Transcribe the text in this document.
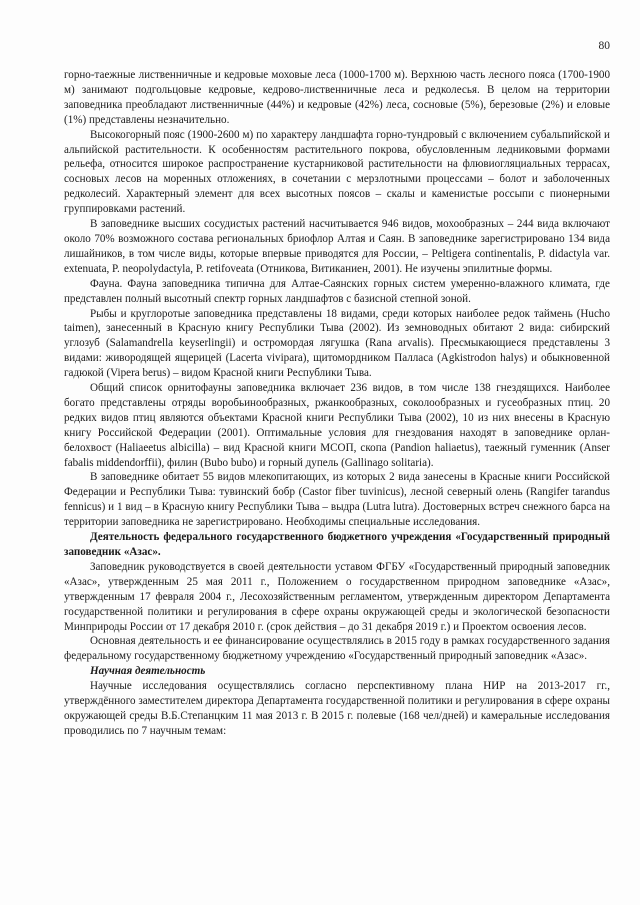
80

горно-таежные лиственничные и кедровые моховые леса (1000-1700 м). Верхнюю часть лесного пояса (1700-1900 м) занимают подгольцовые кедровые, кедрово-лиственничные леса и редколесья. В целом на территории заповедника преобладают лиственничные (44%) и кедровые (42%) леса, сосновые (5%), березовые (2%) и еловые (1%) представлены незначительно.

Высокогорный пояс (1900-2600 м) по характеру ландшафта горно-тундровый с включением субальпийской и альпийской растительности. К особенностям растительного покрова, обусловленным ледниковыми формами рельефа, относится широкое распространение кустарниковой растительности на флювиогляциальных террасах, сосновых лесов на моренных отложениях, в сочетании с мерзлотными процессами – болот и заболоченных редколесий. Характерный элемент для всех высотных поясов – скалы и каменистые россыпи с пионерными группировками растений.

В заповеднике высших сосудистых растений насчитывается 946 видов, мохообразных – 244 вида включают около 70% возможного состава региональных бриофлор Алтая и Саян. В заповеднике зарегистрировано 134 вида лишайников, в том числе виды, которые впервые приводятся для России, – Peltigera continentalis, P. didactyla var. extenuata, P. neopolydactyla, P. retifoveata (Отникова, Витиканиен, 2001). Не изучены эпилитные формы.

Фауна. Фауна заповедника типична для Алтае-Саянских горных систем умеренно-влажного климата, где представлен полный высотный спектр горных ландшафтов с базисной степной зоной.

Рыбы и круглоротые заповедника представлены 18 видами, среди которых наиболее редок таймень (Hucho taimen), занесенный в Красную книгу Республики Тыва (2002). Из земноводных обитают 2 вида: сибирский углозуб (Salamandrella keyserlingii) и остромордая лягушка (Rana arvalis). Пресмыкающиеся представлены 3 видами: живородящей ящерицей (Lacerta vivipara), щитомордником Палласа (Agkistrodon halys) и обыкновенной гадюкой (Vipera berus) – видом Красной книги Республики Тыва.

Общий список орнитофауны заповедника включает 236 видов, в том числе 138 гнездящихся. Наиболее богато представлены отряды воробьинообразных, ржанкообразных, соколообразных и гусеобразных птиц. 20 редких видов птиц являются объектами Красной книги Республики Тыва (2002), 10 из них внесены в Красную книгу Российской Федерации (2001). Оптимальные условия для гнездования находят в заповеднике орлан-белохвост (Haliaeetus albicilla) – вид Красной книги МСОП, скопа (Pandion haliaetus), таежный гуменник (Anser fabalis middendorffii), филин (Bubo bubo) и горный дупель (Gallinago solitaria).

В заповеднике обитает 55 видов млекопитающих, из которых 2 вида занесены в Красные книги Российской Федерации и Республики Тыва: тувинский бобр (Castor fiber tuvinicus), лесной северный олень (Rangifer tarandus fennicus) и 1 вид – в Красную книгу Республики Тыва – выдра (Lutra lutra). Достоверных встреч снежного барса на территории заповедника не зарегистрировано. Необходимы специальные исследования.

Деятельность федерального государственного бюджетного учреждения «Государственный природный заповедник «Азас».

Заповедник руководствуется в своей деятельности уставом ФГБУ «Государственный природный заповедник «Азас», утвержденным 25 мая 2011 г., Положением о государственном природном заповеднике «Азас», утвержденным 17 февраля 2004 г., Лесохозяйственным регламентом, утвержденным директором Департамента государственной политики и регулирования в сфере охраны окружающей среды и экологической безопасности Минприроды России от 17 декабря 2010 г. (срок действия – до 31 декабря 2019 г.) и Проектом освоения лесов.

Основная деятельность и ее финансирование осуществлялись в 2015 году в рамках государственного задания федеральному государственному бюджетному учреждению «Государственный природный заповедник «Азас».

Научная деятельность

Научные исследования осуществлялись согласно перспективному плана НИР на 2013-2017 гг., утверждённого заместителем директора Департамента государственной политики и регулирования в сфере охраны окружающей среды В.Б.Степанцким 11 мая 2013 г. В 2015 г. полевые (168 чел/дней) и камеральные исследования проводились по 7 научным темам:
